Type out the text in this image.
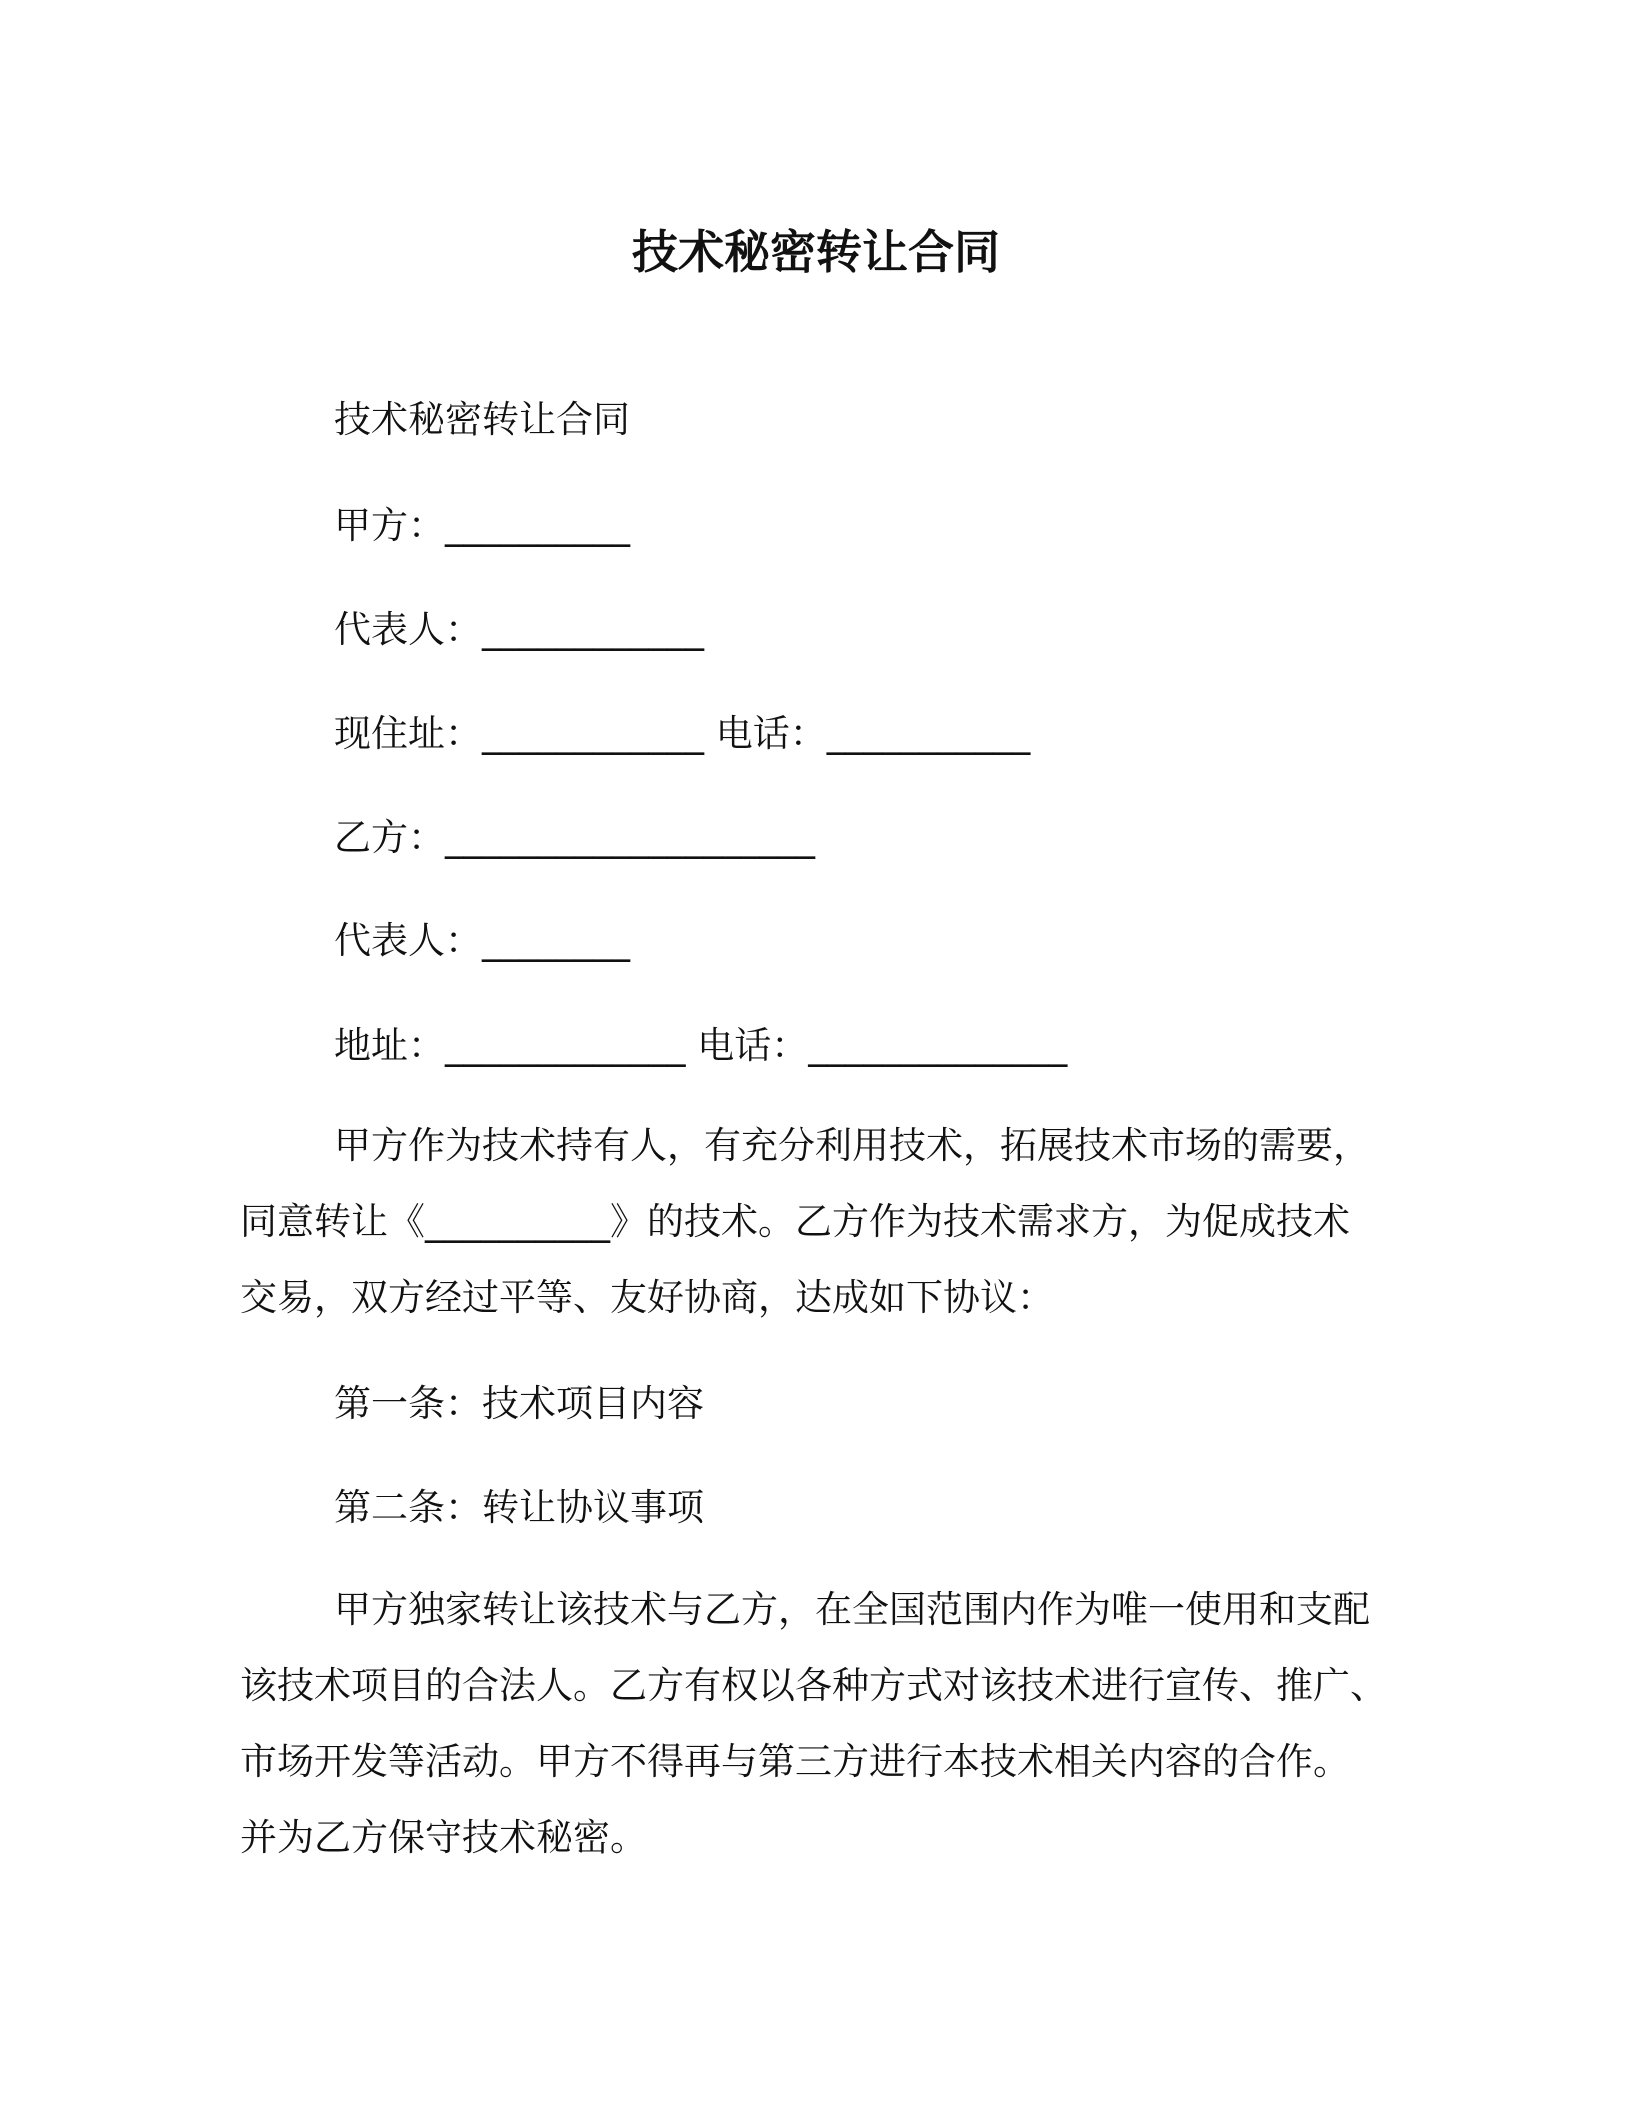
技术秘密转让合同
技术秘密转让合同
甲方：__________
代表人：____________
现住址：____________ 电话：___________
乙方：____________________
代表人：________
地址：_____________ 电话：______________
甲方作为技术持有人，有充分利用技术，拓展技术市场的需要，
同意转让《__________》的技术。乙方作为技术需求方，为促成技术
交易，双方经过平等、友好协商，达成如下协议：
第一条：技术项目内容
第二条：转让协议事项
甲方独家转让该技术与乙方，在全国范围内作为唯一使用和支配
该技术项目的合法人。乙方有权以各种方式对该技术进行宣传、推广、
市场开发等活动。甲方不得再与第三方进行本技术相关内容的合作。
并为乙方保守技术秘密。
